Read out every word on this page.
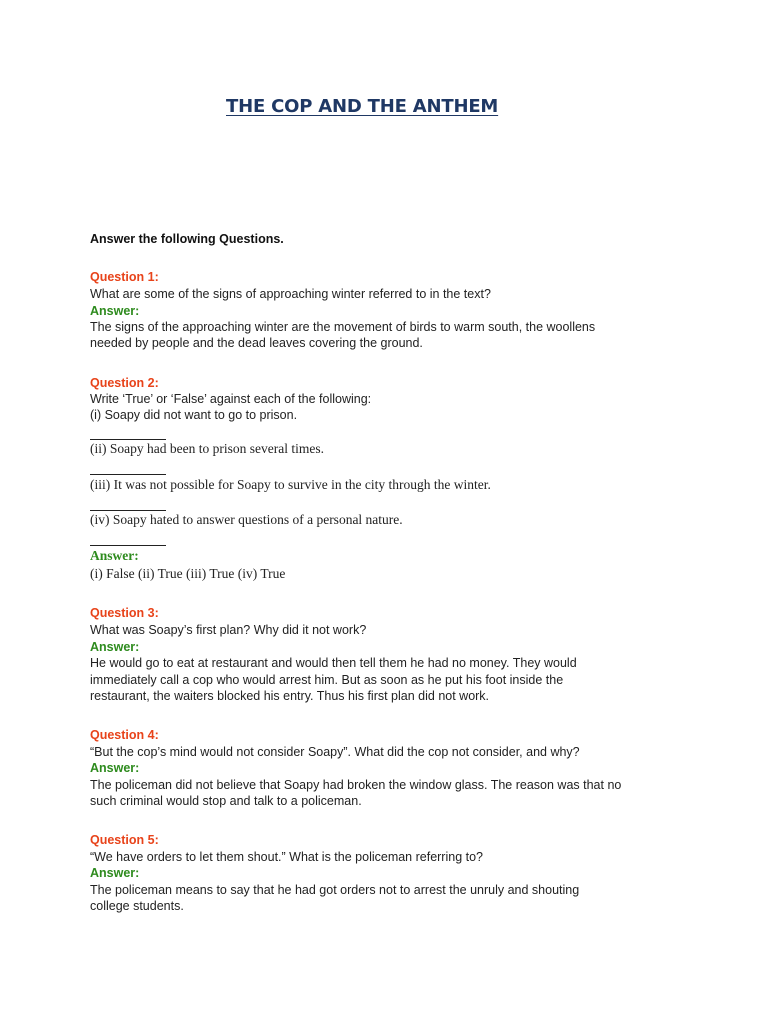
THE COP AND THE ANTHEM
Answer the following Questions.
Question 1:
What are some of the signs of approaching winter referred to in the text?
Answer:
The signs of the approaching winter are the movement of birds to warm south, the woollens
needed by people and the dead leaves covering the ground.
Question 2:
Write ‘True’ or ‘False’ against each of the following:
(i) Soapy did not want to go to prison.
(ii) Soapy had been to prison several times.
(iii) It was not possible for Soapy to survive in the city through the winter.
(iv) Soapy hated to answer questions of a personal nature.
Answer:
(i) False (ii) True (iii) True (iv) True
Question 3:
What was Soapy’s first plan? Why did it not work?
Answer:
He would go to eat at restaurant and would then tell them he had no money. They would
immediately call a cop who would arrest him. But as soon as he put his foot inside the
restaurant, the waiters blocked his entry. Thus his first plan did not work.
Question 4:
“But the cop’s mind would not consider Soapy”. What did the cop not consider, and why?
Answer:
The policeman did not believe that Soapy had broken the window glass. The reason was that no
such criminal would stop and talk to a policeman.
Question 5:
“We have orders to let them shout.” What is the policeman referring to?
Answer:
The policeman means to say that he had got orders not to arrest the unruly and shouting
college students.
